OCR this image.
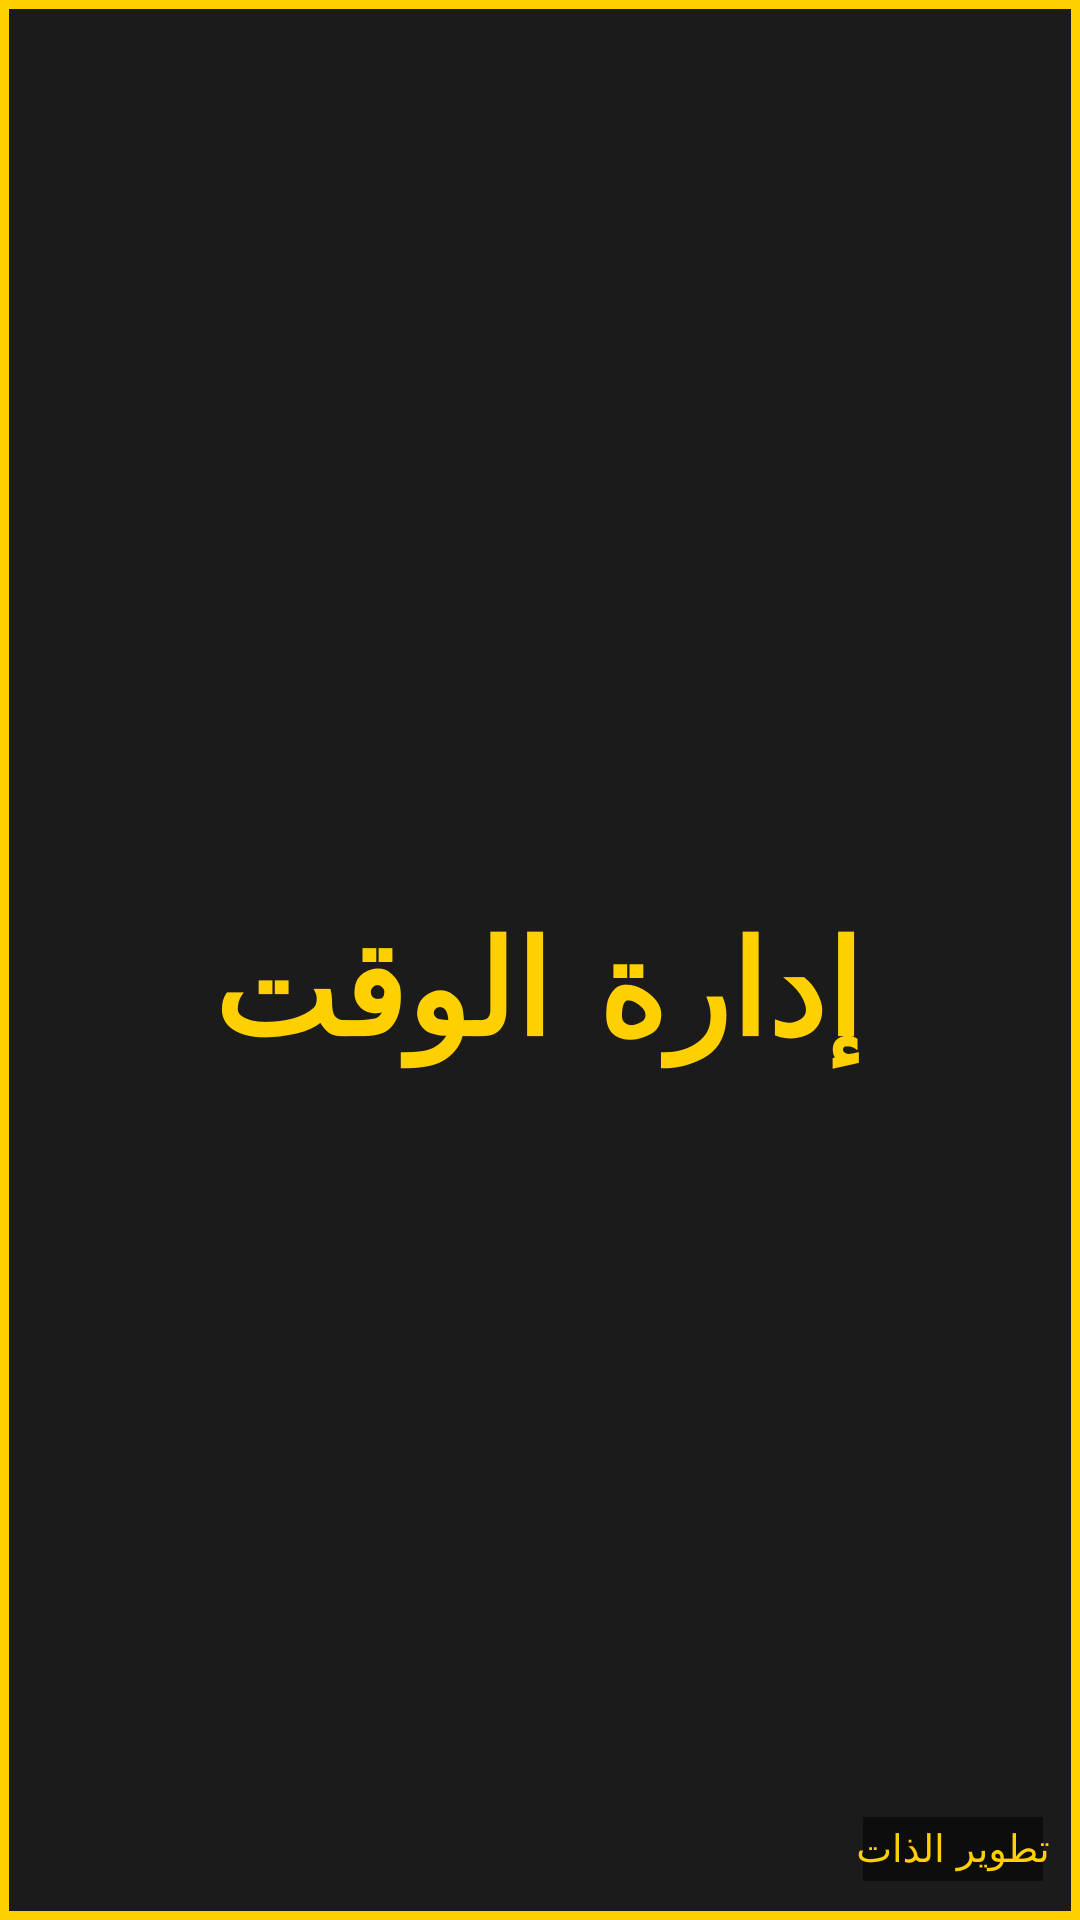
إدارة الوقت
تطوير الذات
